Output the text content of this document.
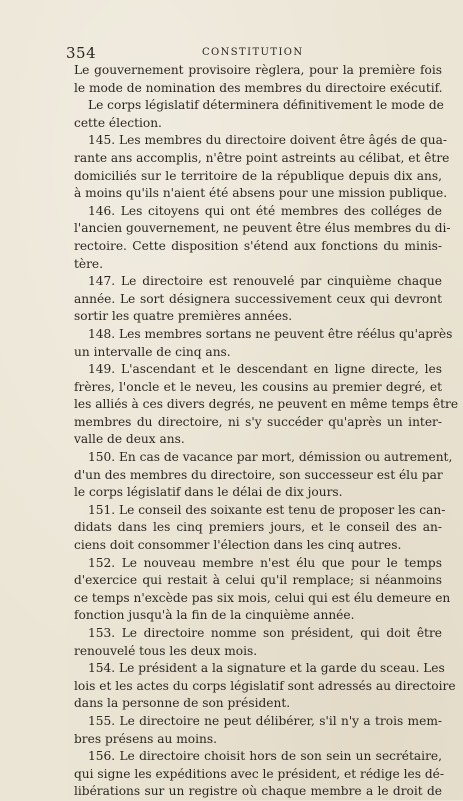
354	CONSTITUTION
Le gouvernement provisoire règlera, pour la première fois
le mode de nomination des membres du directoire exécutif.
Le corps législatif déterminera définitivement le mode de
cette élection.
145. Les membres du directoire doivent être âgés de qua-
rante ans accomplis, n'être point astreints au célibat, et être
domiciliés sur le territoire de la république depuis dix ans,
à moins qu'ils n'aient été absens pour une mission publique.
146. Les citoyens qui ont été membres des colléges de
l'ancien gouvernement, ne peuvent être élus membres du di-
rectoire. Cette disposition s'étend aux fonctions du minis-
tère.
147. Le directoire est renouvelé par cinquième chaque
année. Le sort désignera successivement ceux qui devront
sortir les quatre premières années.
148. Les membres sortans ne peuvent être réélus qu'après
un intervalle de cinq ans.
149. L'ascendant et le descendant en ligne directe, les
frères, l'oncle et le neveu, les cousins au premier degré, et
les alliés à ces divers degrés, ne peuvent en même temps être
membres du directoire, ni s'y succéder qu'après un inter-
valle de deux ans.
150. En cas de vacance par mort, démission ou autrement,
d'un des membres du directoire, son successeur est élu par
le corps législatif dans le délai de dix jours.
151. Le conseil des soixante est tenu de proposer les can-
didats dans les cinq premiers jours, et le conseil des an-
ciens doit consommer l'élection dans les cinq autres.
152. Le nouveau membre n'est élu que pour le temps
d'exercice qui restait à celui qu'il remplace; si néanmoins
ce temps n'excède pas six mois, celui qui est élu demeure en
fonction jusqu'à la fin de la cinquième année.
153. Le directoire nomme son président, qui doit être
renouvelé tous les deux mois.
154. Le président a la signature et la garde du sceau. Les
lois et les actes du corps législatif sont adressés au directoire
dans la personne de son président.
155. Le directoire ne peut délibérer, s'il n'y a trois mem-
bres présens au moins.
156. Le directoire choisit hors de son sein un secrétaire,
qui signe les expéditions avec le président, et rédige les dé-
libérations sur un registre où chaque membre a le droit de
